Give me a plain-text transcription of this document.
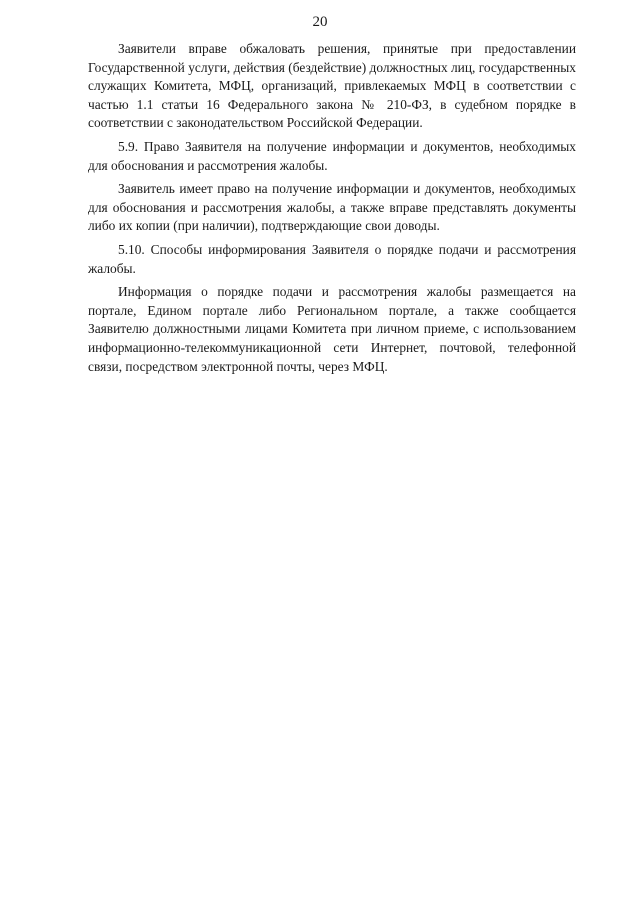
20

Заявители вправе обжаловать решения, принятые при предоставлении Государственной услуги, действия (бездействие) должностных лиц, государственных служащих Комитета, МФЦ, организаций, привлекаемых МФЦ в соответствии с частью 1.1 статьи 16 Федерального закона № 210-ФЗ, в судебном порядке в соответствии с законодательством Российской Федерации.

5.9. Право Заявителя на получение информации и документов, необходимых для обоснования и рассмотрения жалобы.

Заявитель имеет право на получение информации и документов, необходимых для обоснования и рассмотрения жалобы, а также вправе представлять документы либо их копии (при наличии), подтверждающие свои доводы.

5.10. Способы информирования Заявителя о порядке подачи и рассмотрения жалобы.

Информация о порядке подачи и рассмотрения жалобы размещается на портале, Едином портале либо Региональном портале, а также сообщается Заявителю должностными лицами Комитета при личном приеме, с использованием информационно-телекоммуникационной сети Интернет, почтовой, телефонной связи, посредством электронной почты, через МФЦ.
